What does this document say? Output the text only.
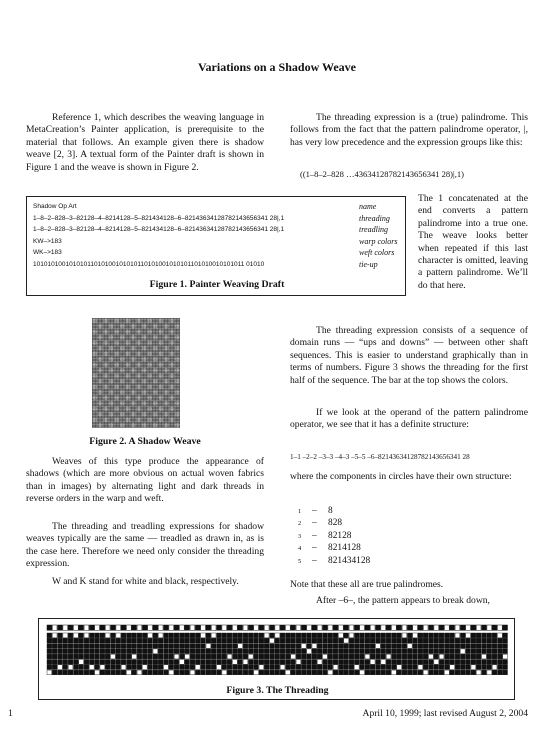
Variations on a Shadow Weave
Reference 1, which describes the weaving language in MetaCreation’s Painter application, is prerequisite to the material that follows. An example given there is shadow weave [2, 3]. A textual form of the Painter draft is shown in Figure 1 and the weave is shown in Figure 2.
Shadow Op Art	name
1–8–2–828–3–82128–4–8214128–5–821434128–6–82143634128782143656341 28|,1	threading
1–8–2–828–3–82128–4–8214128–5–821434128–6–82143634128782143656341 28|,1	treadling
KW–>183	warp colors
WK–>183	weft colors
10101010010101011010100101010110101001010101101010010101011 01010	tie-up
Figure 1. Painter Weaving Draft
Figure 2. A Shadow Weave
Weaves of this type produce the appearance of shadows (which are more obvious on actual woven fabrics than in images) by alternating light and dark threads in reverse orders in the warp and weft.
The threading and treadling expressions for shadow weaves typically are the same — treadled as drawn in, as is the case here. Therefore we need only consider the threading expression.
W and K stand for white and black, respectively.
The threading expression is a (true) palindrome. This follows from the fact that the pattern palindrome operator, |, has very low precedence and the expression groups like this:
((1–8–2–828 …43634128782143656341 28)|,1)
The 1 concatenated at the end converts a pattern palindrome into a true one. The weave looks better when repeated if this last character is omitted, leaving a pattern palindrome. We’ll do that here.
The threading expression consists of a sequence of domain runs — “ups and downs” — between other shaft sequences. This is easier to understand graphically than in terms of numbers. Figure 3 shows the threading for the first half of the sequence. The bar at the top shows the colors.
If we look at the operand of the pattern palindrome operator, we see that it has a definite structure:
1–1 –2–2 –3–3 –4–3 –5–5 –6–82143634128782143656341 28
where the components in circles have their own structure:
1 – 8
2 – 828
3 – 82128
4 – 8214128
5 – 821434128
Note that these all are true palindromes.
After –6–, the pattern appears to break down,
Figure 3. The Threading
1	April 10, 1999; last revised August 2, 2004
